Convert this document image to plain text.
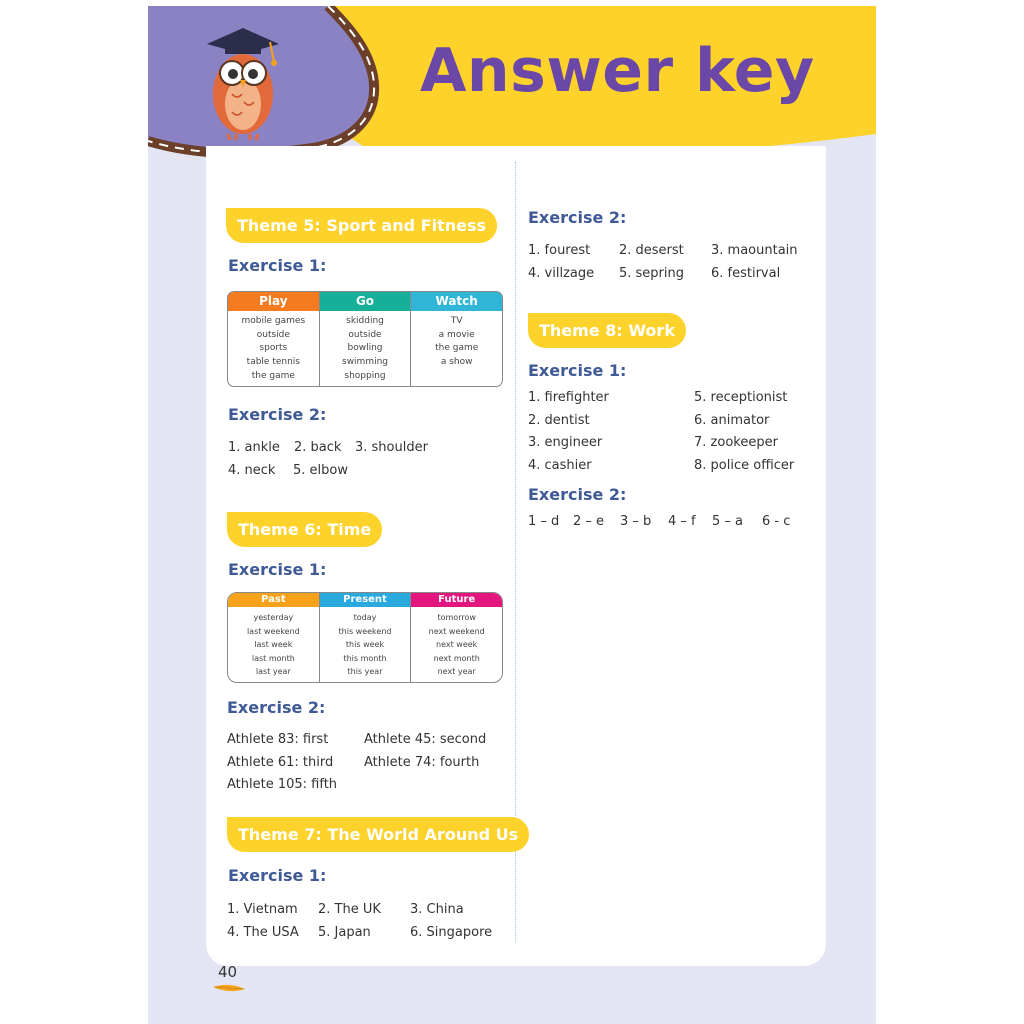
Answer key
Theme 5: Sport and Fitness
Exercise 1:
Play
mobile games
outside
sports
table tennis
the game
Go
skidding
outside
bowling
swimming
shopping
Watch
TV
a movie
the game
a show
Exercise 2:
1. ankle 2. back 3. shoulder
4. neck 5. elbow
Theme 6: Time
Exercise 1:
Past
yesterday
last weekend
last week
last month
last year
Present
today
this weekend
this week
this month
this year
Future
tomorrow
next weekend
next week
next month
next year
Exercise 2:
Athlete 83: first	Athlete 45: second
Athlete 61: third Athlete 74: fourth
Athlete 105: fifth
Theme 7: The World Around Us
Exercise 1:
1. Vietnam 2. The UK 3. China
4. The USA 5. Japan	6. Singapore
Exercise 2:
1. fourest 2. deserst 3. maountain
4. villzage 5. sepring 6. festirval
Theme 8: Work
Exercise 1:
1. firefighter
2. dentist
3. engineer
4. cashier
5. receptionist
6. animator
7. zookeeper
8. police officer
Exercise 2:
1 – d 2 – e 3 – b 4 – f 5 – a 6 - c
40
